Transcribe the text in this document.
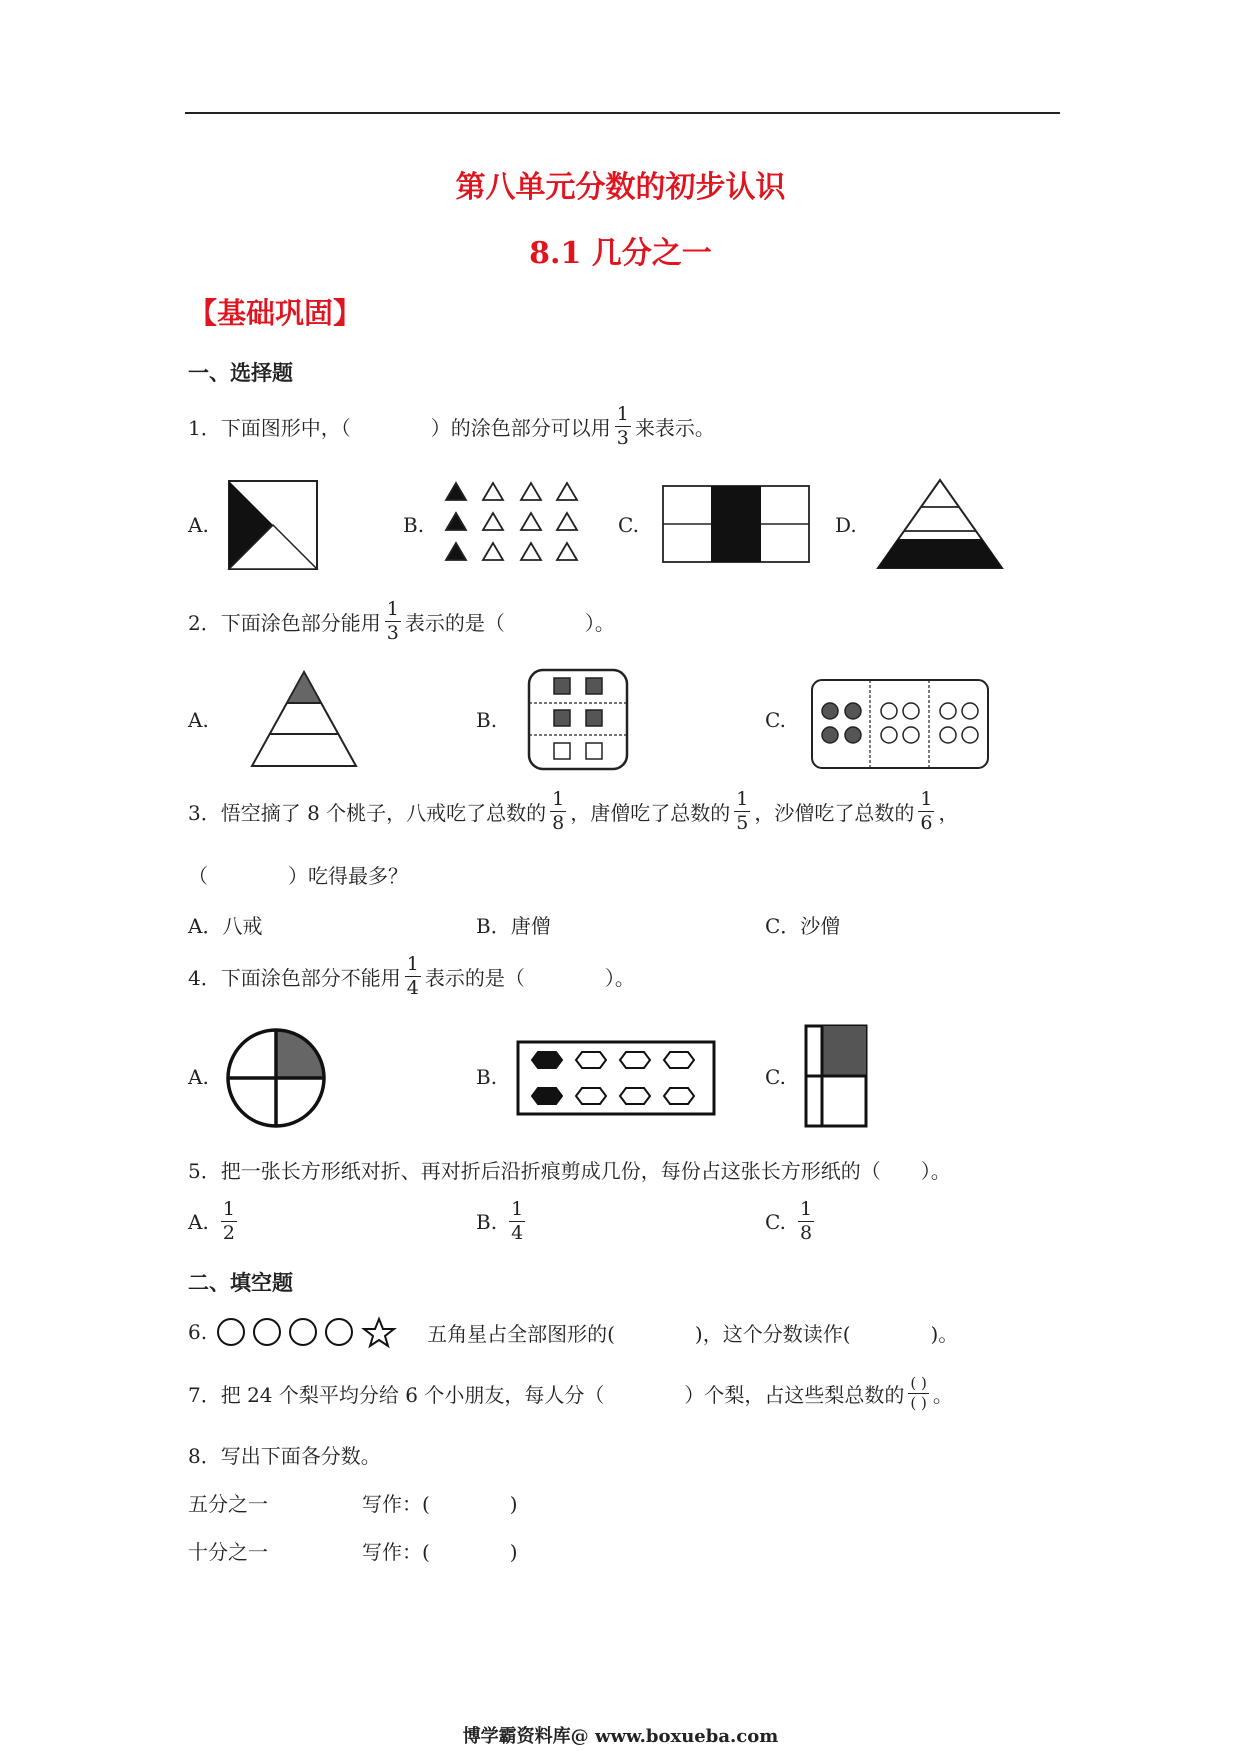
第八单元分数的初步认识
8.1 几分之一
【基础巩固】
一、选择题
1．下面图形中，（　　　　）的涂色部分可以用 $\frac{1}{3}$ 来表示。
A.	B.	C.	D.
2．下面涂色部分能用 $\frac{1}{3}$ 表示的是（　　　　）。
A.	B.	C.
3．悟空摘了 8 个桃子，八戒吃了总数的 $\frac{1}{8}$ ，唐僧吃了总数的 $\frac{1}{5}$ ，沙僧吃了总数的 $\frac{1}{6}$ ，
（　　　　）吃得最多？
A．八戒	B．唐僧	C．沙僧
4．下面涂色部分不能用 $\frac{1}{4}$ 表示的是（　　　　）。
A.	B.	C.
5．把一张长方形纸对折、再对折后沿折痕剪成几份，每份占这张长方形纸的（　　）。
A. $\frac{1}{2}$	B. $\frac{1}{4}$	C. $\frac{1}{8}$
二、填空题
6.	五角星占全部图形的(　　　　)，这个分数读作(　　　　)。
7．把 24 个梨平均分给 6 个小朋友，每人分（　　　　）个梨，占这些梨总数的 $\frac{( )}{( )}$ 。
8．写出下面各分数。
五分之一	写作：(　　　　)
十分之一	写作：(　　　　)
博学霸资料库@ www.boxueba.com
